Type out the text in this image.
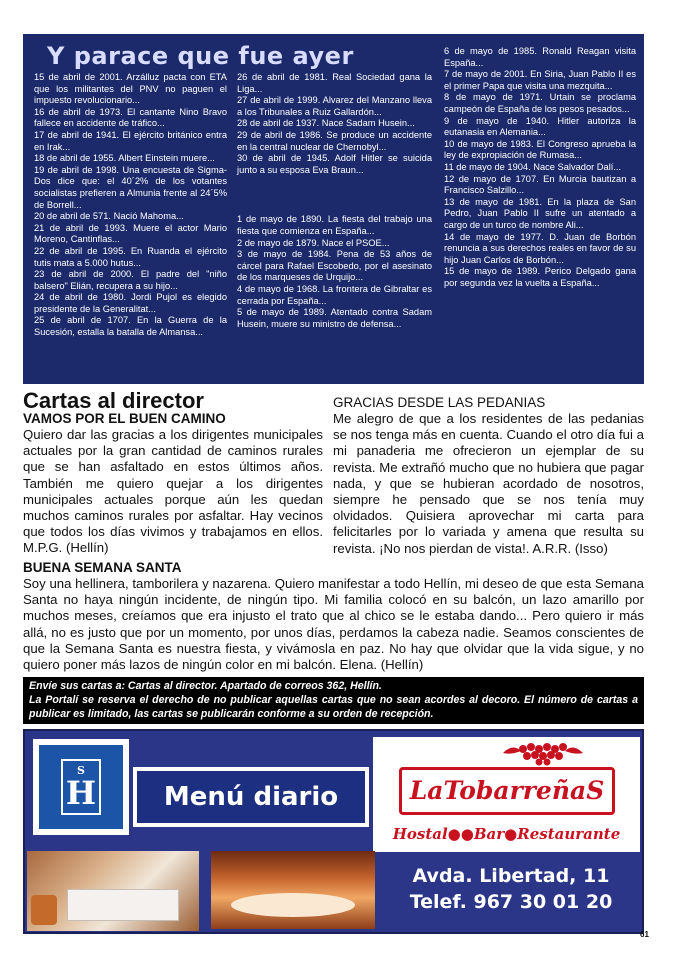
Y parace que fue ayer

15 de abril de 2001. Arzálluz pacta con ETA que los militantes del PNV no paguen el impuesto revolucionario...

16 de abril de 1973. El cantante Nino Bravo fallece en accidente de tráfico...

17 de abril de 1941. El ejército británico entra en Irak...

18 de abril de 1955. Albert Einstein muere...

19 de abril de 1998. Una encuesta de Sigma-Dos dice que: el 40´2% de los votantes socialistas prefieren a Almunia frente al 24´5% de Borrell...

20 de abril de 571. Nació Mahoma...

21 de abril de 1993. Muere el actor Mario Moreno, Cantinflas...

22 de abril de 1995. En Ruanda el ejército tutis mata a 5.000 hutus...

23 de abril de 2000. El padre del "niño balsero" Elián, recupera a su hijo...

24 de abril de 1980. Jordi Pujol es elegido presidente de la Generalitat...

25 de abril de 1707. En la Guerra de la Sucesión, estalla la batalla de Almansa...

26 de abril de 1981. Real Sociedad gana la Liga...

27 de abril de 1999. Alvarez del Manzano lleva a los Tribunales a Ruiz Gallardón...

28 de abril de 1937. Nace Sadam Husein...

29 de abril de 1986. Se produce un accidente en la central nuclear de Chernobyl...

30 de abril de 1945. Adolf Hitler se suicida junto a su esposa Eva Braun...

1 de mayo de 1890. La fiesta del trabajo una fiesta que comienza en España...

2 de mayo de 1879. Nace el PSOE...

3 de mayo de 1984. Pena de 53 años de cárcel para Rafael Escobedo, por el asesinato de los marqueses de Urquijo...

4 de mayo de 1968. La frontera de Gibraltar es cerrada por España...

5 de mayo de 1989. Atentado contra Sadam Husein, muere su ministro de defensa...

6 de mayo de 1985. Ronald Reagan visita España...

7 de mayo de 2001. En Siria, Juan Pablo II es el primer Papa que visita una mezquita...

8 de mayo de 1971. Urtain se proclama campeón de España de los pesos pesados...

9 de mayo de 1940. Hitler autoriza la eutanasia en Alemania...

10 de mayo de 1983. El Congreso aprueba la ley de expropiación de Rumasa...

11 de mayo de 1904. Nace Salvador Dalí...

12 de mayo de 1707. En Murcia bautizan a Francisco Salzillo...

13 de mayo de 1981. En la plaza de San Pedro, Juan Pablo II sufre un atentado a cargo de un turco de nombre Ali...

14 de mayo de 1977. D. Juan de Borbón renuncia a sus derechos reales en favor de su hijo Juan Carlos de Borbón...

15 de mayo de 1989. Perico Delgado gana por segunda vez la vuelta a España...

Cartas al director

VAMOS POR EL BUEN CAMINO

Quiero dar las gracias a los dirigentes municipales actuales por la gran cantidad de caminos rurales que se han asfaltado en estos últimos años. También me quiero quejar a los dirigentes municipales actuales porque aún les quedan muchos caminos rurales por asfaltar. Hay vecinos que todos los días vivimos y trabajamos en ellos. M.P.G. (Hellín)

GRACIAS DESDE LAS PEDANIAS

Me alegro de que a los residentes de las pedanias se nos tenga más en cuenta. Cuando el otro día fui a mi panaderia me ofrecieron un ejemplar de su revista. Me extrañó mucho que no hubiera que pagar nada, y que se hubieran acordado de nosotros, siempre he pensado que se nos tenía muy olvidados. Quisiera aprovechar mi carta para felicitarles por lo variada y amena que resulta su revista. ¡No nos pierdan de vista!. A.R.R. (Isso)

BUENA SEMANA SANTA

Soy una hellinera, tamborilera y nazarena. Quiero manifestar a todo Hellín, mi deseo de que esta Semana Santa no haya ningún incidente, de ningún tipo. Mi familia colocó en su balcón, un lazo amarillo por muchos meses, creíamos que era injusto el trato que al chico se le estaba dando... Pero quiero ir más allá, no es justo que por un momento, por unos días, perdamos la cabeza nadie. Seamos conscientes de que la Semana Santa es nuestra fiesta, y vivámosla en paz. No hay que olvidar que la vida sigue, y no quiero poner más lazos de ningún color en mi balcón. Elena. (Hellín)

Envíe sus cartas a: Cartas al director. Apartado de correos 362, Hellín.

La Portalí se reserva el derecho de no publicar aquellas cartas que no sean acordes al decoro. El número de cartas a publicar es limitado, las cartas se publicarán conforme a su orden de recepción.

S
H	Menú diario	LaTobarreñaS
Hostal●●Bar●Restaurante
Avda. Libertad, 11
Telef. 967 30 01 20
61
